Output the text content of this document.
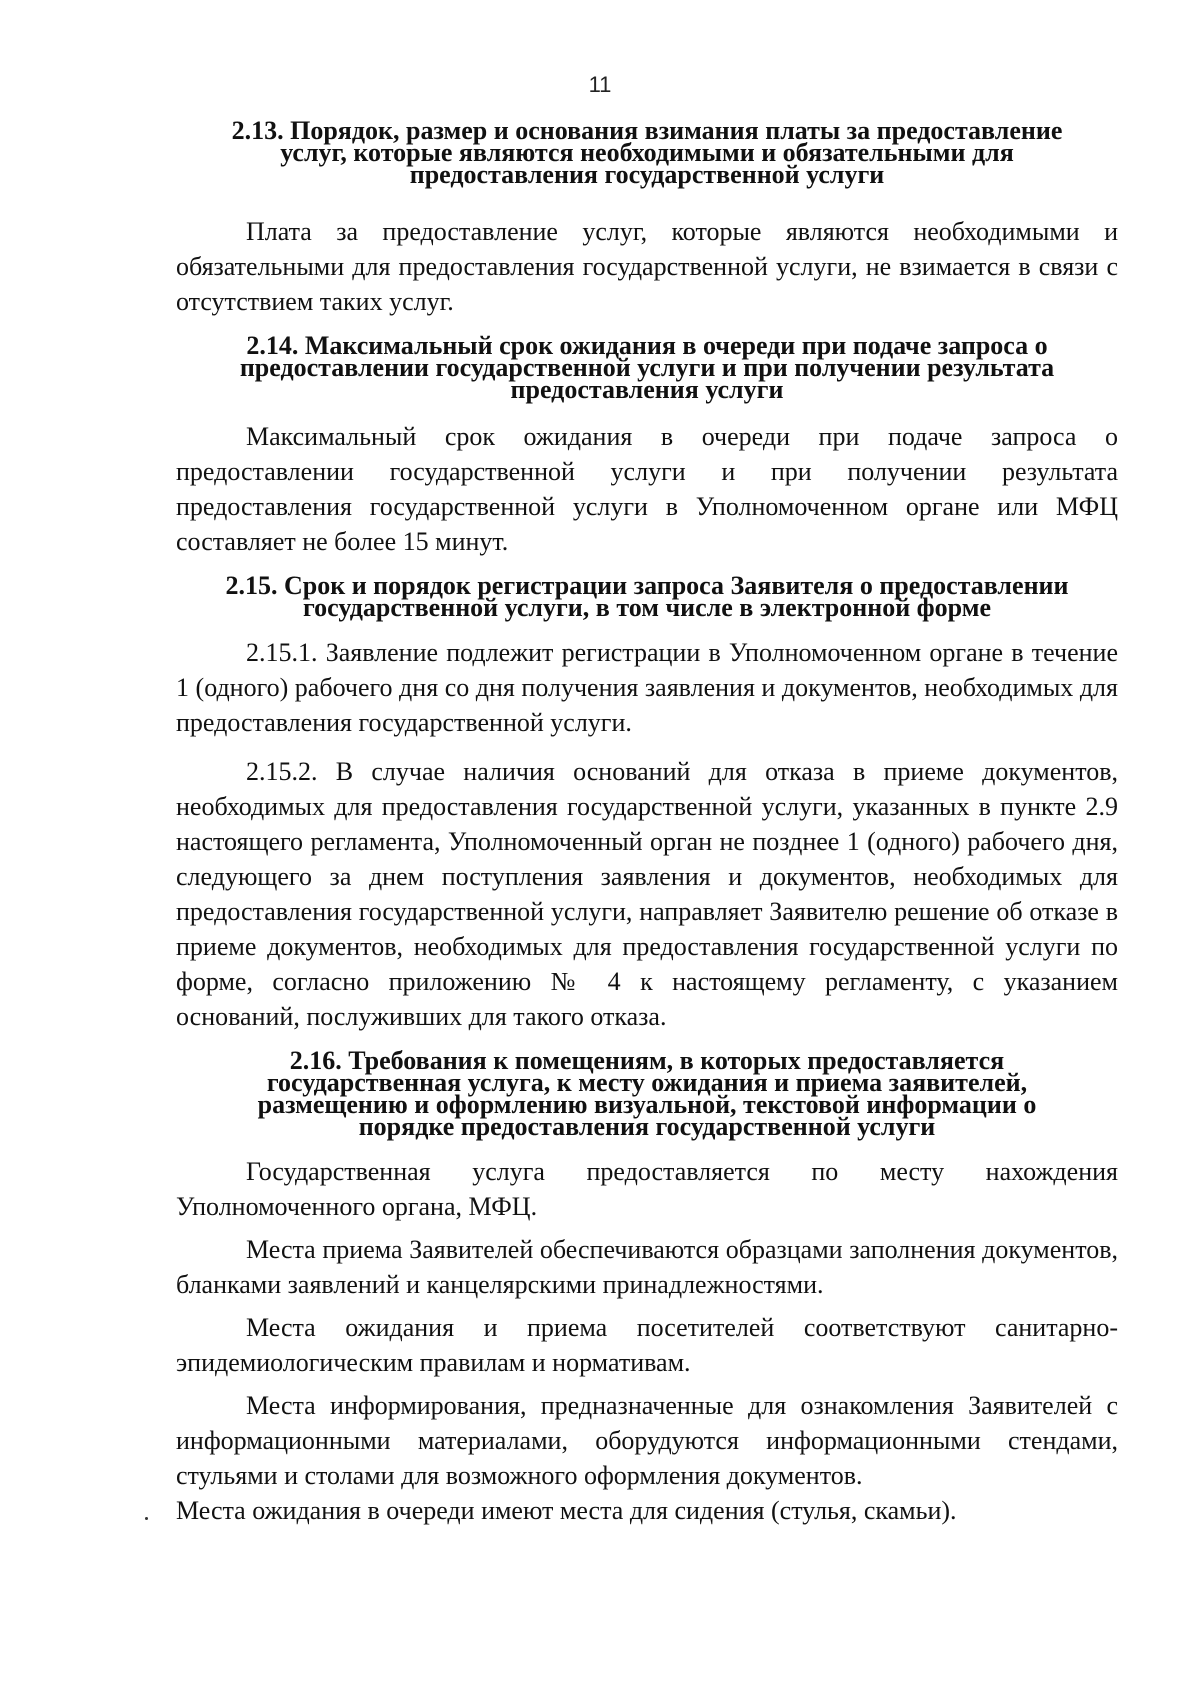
11
2.13. Порядок, размер и основания взимания платы за предоставление
услуг, которые являются необходимыми и обязательными для
предоставления государственной услуги

Плата за предоставление услуг, которые являются необходимыми и обязательными для предоставления государственной услуги, не взимается в связи с отсутствием таких услуг.

2.14. Максимальный срок ожидания в очереди при подаче запроса о
предоставлении государственной услуги и при получении результата
предоставления услуги

Максимальный срок ожидания в очереди при подаче запроса о предоставлении государственной услуги и при получении результата предоставления государственной услуги в Уполномоченном органе или МФЦ составляет не более 15 минут.

2.15. Срок и порядок регистрации запроса Заявителя о предоставлении
государственной услуги, в том числе в электронной форме

2.15.1. Заявление подлежит регистрации в Уполномоченном органе в течение 1 (одного) рабочего дня со дня получения заявления и документов, необходимых для предоставления государственной услуги.

2.15.2. В случае наличия оснований для отказа в приеме документов, необходимых для предоставления государственной услуги, указанных в пункте 2.9 настоящего регламента, Уполномоченный орган не позднее 1 (одного) рабочего дня, следующего за днем поступления заявления и документов, необходимых для предоставления государственной услуги, направляет Заявителю решение об отказе в приеме документов, необходимых для предоставления государственной услуги по форме, согласно приложению № 4 к настоящему регламенту, с указанием оснований, послуживших для такого отказа.

2.16. Требования к помещениям, в которых предоставляется
государственная услуга, к месту ожидания и приема заявителей,
размещению и оформлению визуальной, текстовой информации о
порядке предоставления государственной услуги

Государственная услуга предоставляется по месту нахождения Уполномоченного органа, МФЦ.

Места приема Заявителей обеспечиваются образцами заполнения документов, бланками заявлений и канцелярскими принадлежностями.

Места ожидания и приема посетителей соответствуют санитарно-эпидемиологическим правилам и нормативам.

Места информирования, предназначенные для ознакомления Заявителей с информационными материалами, оборудуются информационными стендами, стульями и столами для возможного оформления документов.

Места ожидания в очереди имеют места для сидения (стулья, скамьи).
